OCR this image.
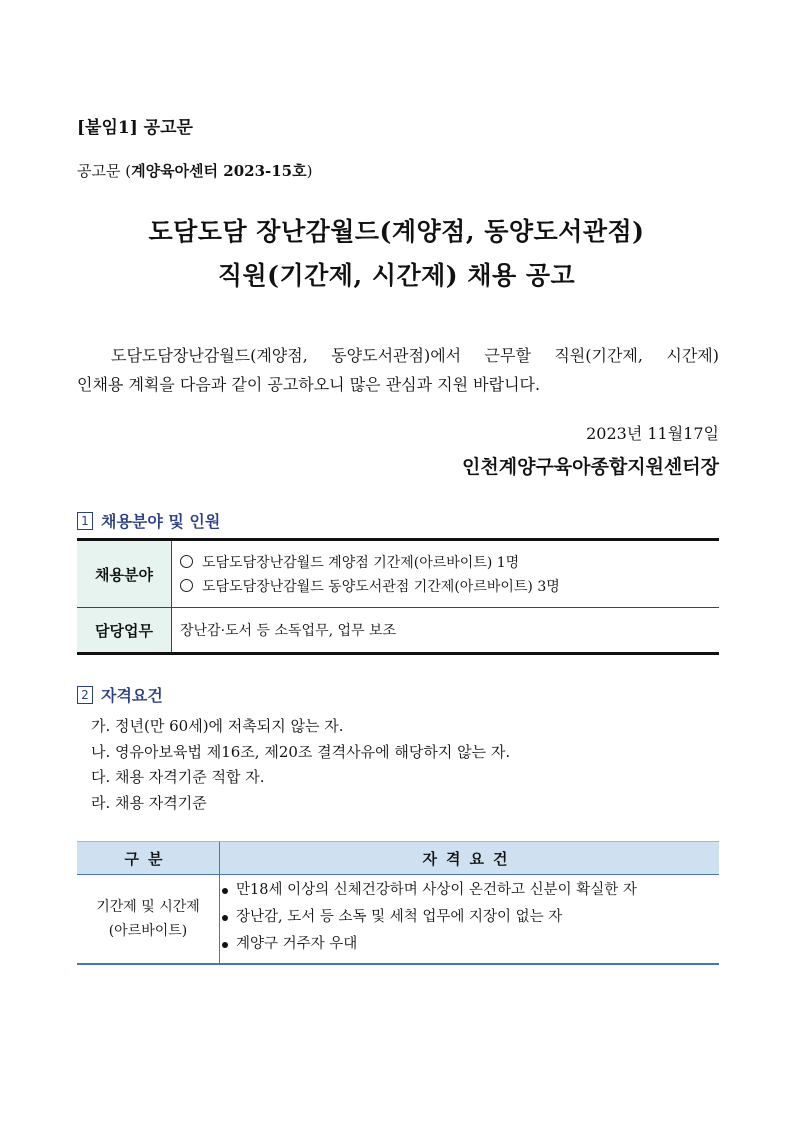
[붙임1] 공고문
공고문 (계양육아센터 2023-15호)
도담도담 장난감월드(계양점, 동양도서관점)
직원(기간제, 시간제) 채용 공고
도담도담장난감월드(계양점, 동양도서관점)에서 근무할 직원(기간제, 시간제)
인채용 계획을 다음과 같이 공고하오니 많은 관심과 지원 바랍니다.
2023년 11월17일
인천계양구육아종합지원센터장
1 채용분야 및 인원
채용분야
도담도담장난감월드 계양점 기간제(아르바이트) 1명
도담도담장난감월드 동양도서관점 기간제(아르바이트) 3명
담당업무	장난감·도서 등 소독업무, 업무 보조
2 자격요건
가. 정년(만 60세)에 저촉되지 않는 자.
나. 영유아보육법 제16조, 제20조 결격사유에 해당하지 않는 자.
다. 채용 자격기준 적합 자.
라. 채용 자격기준
구분	자격요건
기간제 및 시간제
(아르바이트)
만18세 이상의 신체건강하며 사상이 온건하고 신분이 확실한 자
장난감, 도서 등 소독 및 세척 업무에 지장이 없는 자
계양구 거주자 우대
